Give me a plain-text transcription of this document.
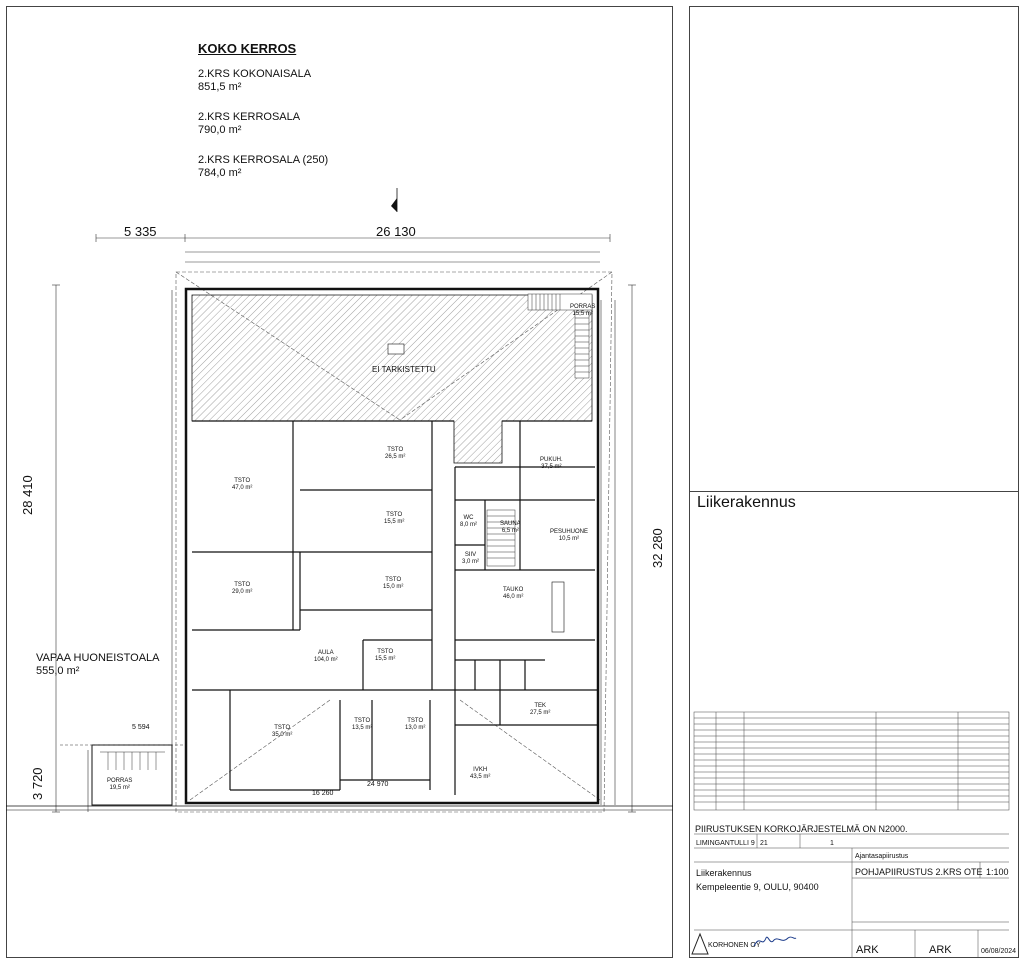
KOKO KERROS
2.KRS KOKONAISALA
851,5 m²
2.KRS KERROSALA
790,0 m²
2.KRS KERROSALA (250)
784,0 m²
5 335	26 130
28 410
32 280
3 720
VAPAA HUONEISTOALA
555,0 m²
EI TARKISTETTU
PORRAS
15,5 m²
TSTO
47,0 m²
TSTO
26,5 m²
TSTO
15,5 m²
PUKUH.
37,5 m²
WC
8,0 m²	SAUNA
6,5 m²	PESUHUONE
10,5 m²
SIIV
3,0 m²
TSTO
29,0 m²
TSTO
15,0 m²	TAUKO
46,0 m²
AULA
104,0 m²
TSTO
15,5 m²
TEK
27,5 m²
TSTO
35,0 m²
TSTO
13,5 m²
TSTO
13,0 m²
IVKH
43,5 m²
PORRAS
19,5 m²
5 594
16 260
24 970
Liikerakennus
PIIRUSTUKSEN KORKOJÄRJESTELMÄ ON N2000.
LIMINGANTULLI 9 21	1
Ajantasapiirustus
Liikerakennus
Kempeleentie 9, OULU, 90400
POHJAPIIRUSTUS 2.KRS OTE 1:100
ARK	ARK	06/08/2024
KORHONEN OY
